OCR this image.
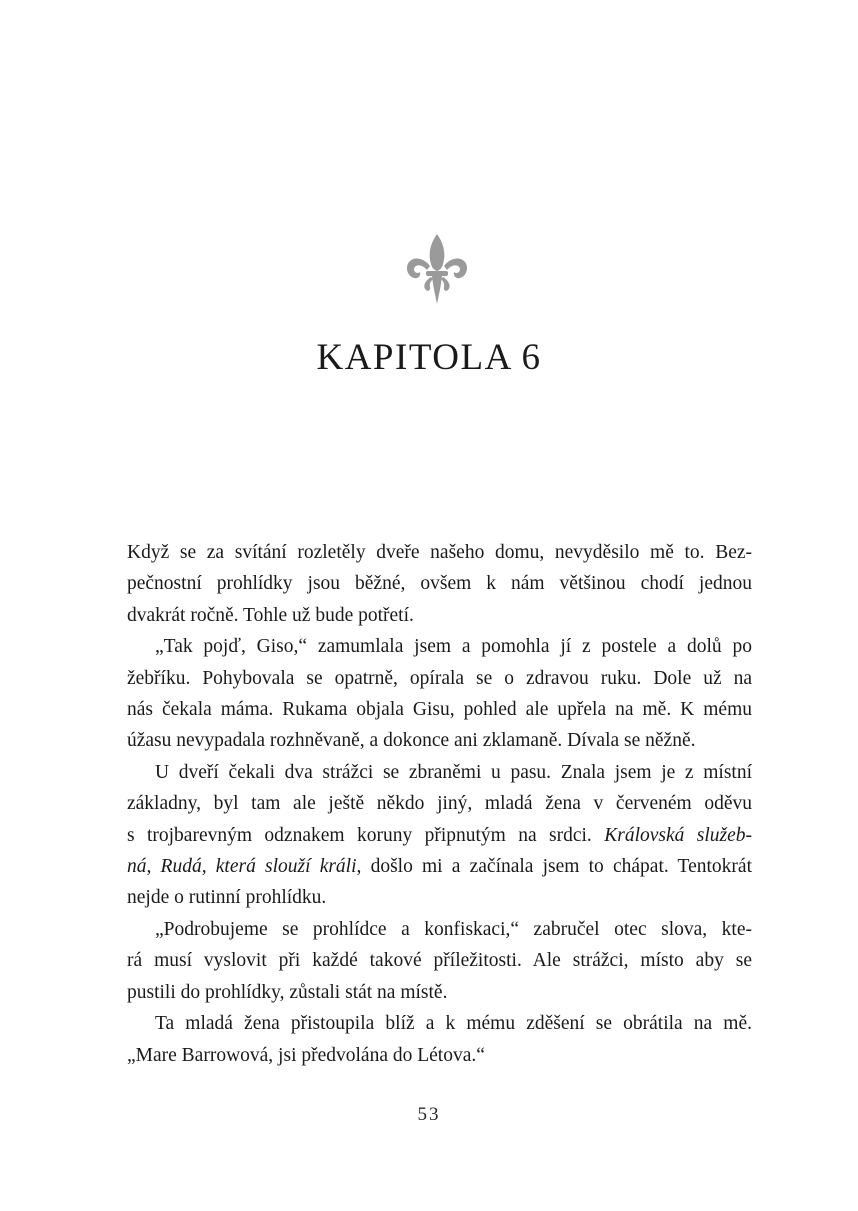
KAPITOLA 6

Když se za svítání rozletěly dveře našeho domu, nevyděsilo mě to. Bez-
pečnostní prohlídky jsou běžné, ovšem k nám většinou chodí jednou
dvakrát ročně. Tohle už bude potřetí.

„Tak pojď, Giso,“ zamumlala jsem a pomohla jí z postele a dolů po
žebříku. Pohybovala se opatrně, opírala se o zdravou ruku. Dole už na
nás čekala máma. Rukama objala Gisu, pohled ale upřela na mě. K mému
úžasu nevypadala rozhněvaně, a dokonce ani zklamaně. Dívala se něžně.

U dveří čekali dva strážci se zbraněmi u pasu. Znala jsem je z místní
základny, byl tam ale ještě někdo jiný, mladá žena v červeném oděvu
s trojbarevným odznakem koruny připnutým na srdci. Královská služeb-
ná, Rudá, která slouží králi, došlo mi a začínala jsem to chápat. Tentokrát
nejde o rutinní prohlídku.

„Podrobujeme se prohlídce a konfiskaci,“ zabručel otec slova, kte-
rá musí vyslovit při každé takové příležitosti. Ale strážci, místo aby se
pustili do prohlídky, zůstali stát na místě.

Ta mladá žena přistoupila blíž a k mému zděšení se obrátila na mě.
„Mare Barrowová, jsi předvolána do Létova.“

53
